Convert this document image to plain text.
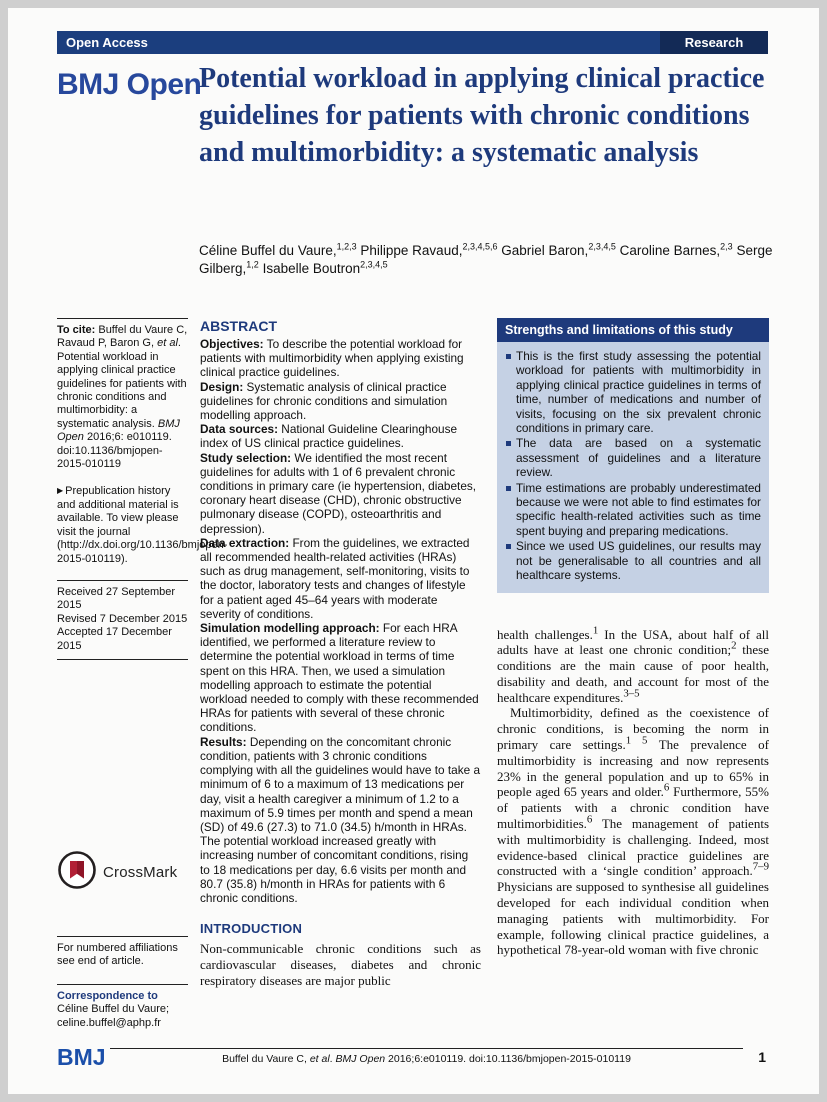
Open Access	Research
BMJ Open
Potential workload in applying clinical practice guidelines for patients with chronic conditions and multimorbidity: a systematic analysis
Céline Buffel du Vaure,$^{1,2,3}$ Philippe Ravaud,$^{2,3,4,5,6}$ Gabriel Baron,$^{2,3,4,5}$ Caroline Barnes,$^{2,3}$ Serge Gilberg,$^{1,2}$ Isabelle Boutron$^{2,3,4,5}$

To cite: Buffel du Vaure C, Ravaud P, Baron G, et al. Potential workload in applying clinical practice guidelines for patients with chronic conditions and multimorbidity: a systematic analysis. BMJ Open 2016;6: e010119. doi:10.1136/bmjopen-2015-010119

▶ Prepublication history and additional material is available. To view please visit the journal (http://dx.doi.org/10.1136/bmjopen-2015-010119).

Received 27 September 2015
Revised 7 December 2015
Accepted 17 December 2015
CrossMark

For numbered affiliations see end of article.

Correspondence to
Céline Buffel du Vaure; celine.buffel@aphp.fr
ABSTRACT

Objectives: To describe the potential workload for patients with multimorbidity when applying existing clinical practice guidelines.

Design: Systematic analysis of clinical practice guidelines for chronic conditions and simulation modelling approach.

Data sources: National Guideline Clearinghouse index of US clinical practice guidelines.

Study selection: We identified the most recent guidelines for adults with 1 of 6 prevalent chronic conditions in primary care (ie hypertension, diabetes, coronary heart disease (CHD), chronic obstructive pulmonary disease (COPD), osteoarthritis and depression).

Data extraction: From the guidelines, we extracted all recommended health-related activities (HRAs) such as drug management, self-monitoring, visits to the doctor, laboratory tests and changes of lifestyle for a patient aged 45–64 years with moderate severity of conditions.

Simulation modelling approach: For each HRA identified, we performed a literature review to determine the potential workload in terms of time spent on this HRA. Then, we used a simulation modelling approach to estimate the potential workload needed to comply with these recommended HRAs for patients with several of these chronic conditions.

Results: Depending on the concomitant chronic condition, patients with 3 chronic conditions complying with all the guidelines would have to take a minimum of 6 to a maximum of 13 medications per day, visit a health caregiver a minimum of 1.2 to a maximum of 5.9 times per month and spend a mean (SD) of 49.6 (27.3) to 71.0 (34.5) h/month in HRAs. The potential workload increased greatly with increasing number of concomitant conditions, rising to 18 medications per day, 6.6 visits per month and 80.7 (35.8) h/month in HRAs for patients with 6 chronic conditions.

INTRODUCTION

Non-communicable chronic conditions such as cardiovascular diseases, diabetes and chronic respiratory diseases are major public

Strengths and limitations of this study
This is the first study assessing the potential workload for patients with multimorbidity in applying clinical practice guidelines in terms of time, number of medications and number of visits, focusing on the six prevalent chronic conditions in primary care.
The data are based on a systematic assessment of guidelines and a literature review.
Time estimations are probably underestimated because we were not able to find estimates for specific health-related activities such as time spent buying and preparing medications.
Since we used US guidelines, our results may not be generalisable to all countries and all healthcare systems.

health challenges.$^1$ In the USA, about half of all adults have at least one chronic condition;$^2$ these conditions are the main cause of poor health, disability and death, and account for most of the healthcare expenditures.$^{3-5}$

Multimorbidity, defined as the coexistence of chronic conditions, is becoming the norm in primary care settings.$^{1 5}$ The prevalence of multimorbidity is increasing and now represents 23% in the general population and up to 65% in people aged 65 years and older.$^6$ Furthermore, 55% of patients with a chronic condition have multimorbidities.$^6$ The management of patients with multimorbidity is challenging. Indeed, most evidence-based clinical practice guidelines are constructed with a ‘single condition’ approach.$^{7-9}$ Physicians are supposed to synthesise all guidelines developed for each individual condition when managing patients with multimorbidity. For example, following clinical practice guidelines, a hypothetical 78-year-old woman with five chronic

BMJ	Buffel du Vaure C, et al. BMJ Open 2016;6:e010119. doi:10.1136/bmjopen-2015-010119	1
